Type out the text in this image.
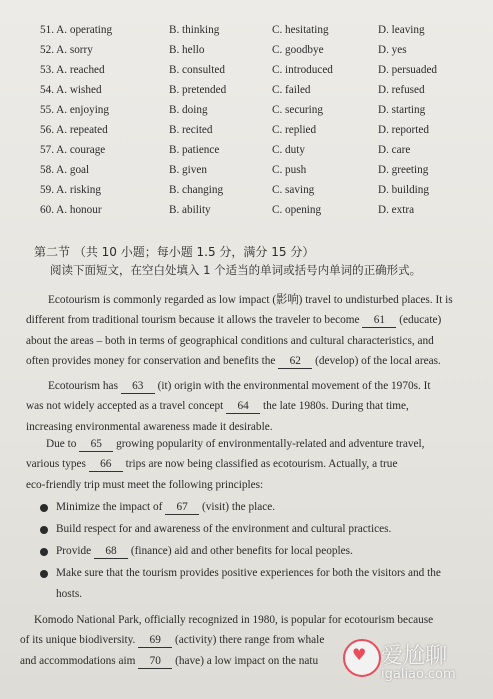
51. A. operating	B. thinking	C. hesitating	D. leaving
52. A. sorry	B. hello	C. goodbye	D. yes
53. A. reached	B. consulted	C. introduced	D. persuaded
54. A. wished	B. pretended	C. failed	D. refused
55. A. enjoying	B. doing	C. securing	D. starting
56. A. repeated	B. recited	C. replied	D. reported
57. A. courage	B. patience	C. duty	D. care
58. A. goal	B. given	C. push	D. greeting
59. A. risking	B. changing	C. saving	D. building
60. A. honour	B. ability	C. opening	D. extra
第二节 （共 10 小题；每小题 1.5 分，满分 15 分）
阅读下面短文，在空白处填入 1 个适当的单词或括号内单词的正确形式。
Ecotourism is commonly regarded as low impact (影响) travel to undisturbed places. It is
different from traditional tourism because it allows the traveler to become 61 (educate)
about the areas – both in terms of geographical conditions and cultural characteristics, and
often provides money for conservation and benefits the 62 (develop) of the local areas.
Ecotourism has 63 (it) origin with the environmental movement of the 1970s. It
was not widely accepted as a travel concept 64 the late 1980s. During that time,
increasing environmental awareness made it desirable.
Due to 65 growing popularity of environmentally-related and adventure travel,
various types 66 trips are now being classified as ecotourism. Actually, a true
eco-friendly trip must meet the following principles:
Minimize the impact of 67 (visit) the place.
Build respect for and awareness of the environment and cultural practices.
Provide 68 (finance) aid and other benefits for local peoples.
Make sure that the tourism provides positive experiences for both the visitors and the
hosts.
Komodo National Park, officially recognized in 1980, is popular for ecotourism because
of its unique biodiversity. 69 (activity) there range from whale
and accommodations aim 70 (have) a low impact on the natu	♥ 爱尬聊
igaliao.com
